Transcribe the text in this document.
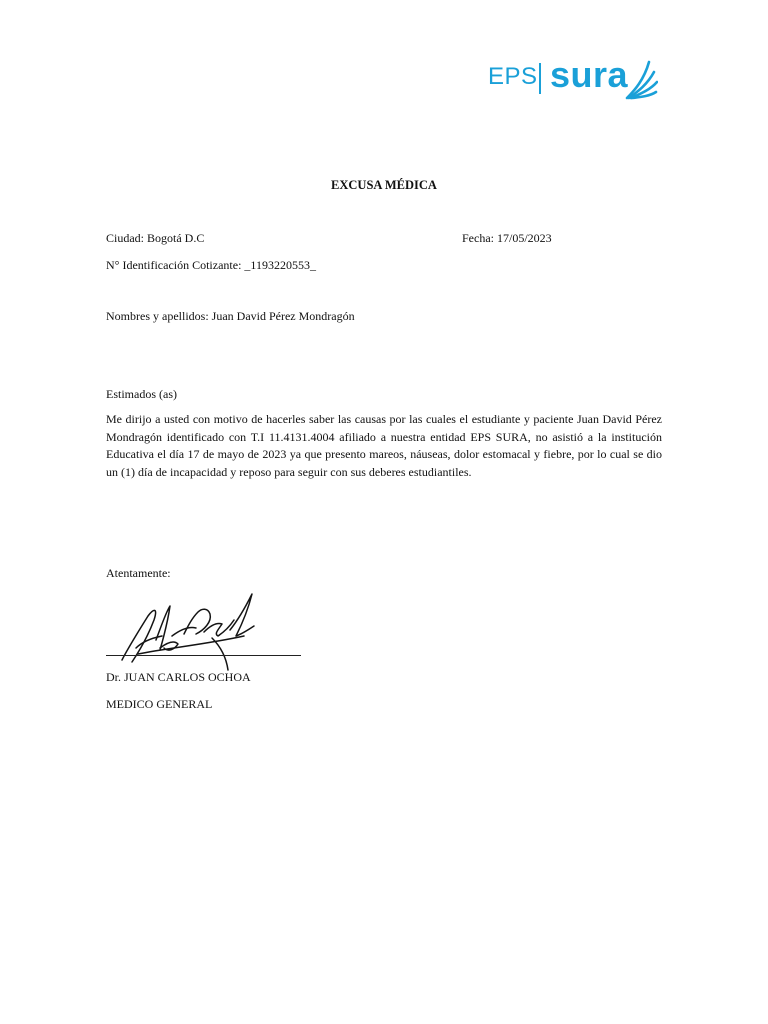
EPS sura
EXCUSA MÉDICA
Ciudad: Bogotá D.C	Fecha: 17/05/2023
N° Identificación Cotizante: _1193220553_
Nombres y apellidos: Juan David Pérez Mondragón
Estimados (as)
Me dirijo a usted con motivo de hacerles saber las causas por las cuales el estudiante y paciente Juan David Pérez Mondragón identificado con T.I 11.4131.4004 afiliado a nuestra entidad EPS SURA, no asistió a la institución Educativa el día 17 de mayo de 2023 ya que presento mareos, náuseas, dolor estomacal y fiebre, por lo cual se dio un (1) día de incapacidad y reposo para seguir con sus deberes estudiantiles.
Atentamente:
Dr. JUAN CARLOS OCHOA
MEDICO GENERAL
